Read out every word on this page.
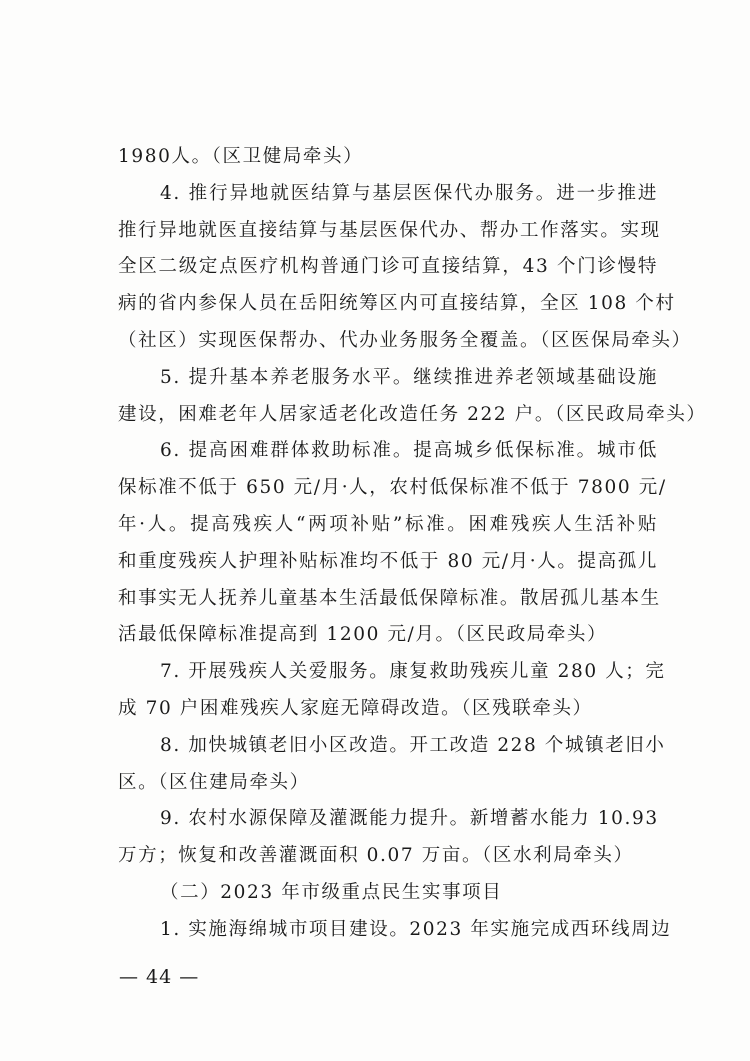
1980人。（区卫健局牵头）
4. 推行异地就医结算与基层医保代办服务。进一步推进
推行异地就医直接结算与基层医保代办、帮办工作落实。实现
全区二级定点医疗机构普通门诊可直接结算，43 个门诊慢特
病的省内参保人员在岳阳统筹区内可直接结算，全区 108 个村
（社区）实现医保帮办、代办业务服务全覆盖。（区医保局牵头）
5. 提升基本养老服务水平。继续推进养老领域基础设施
建设，困难老年人居家适老化改造任务 222 户。（区民政局牵头）
6. 提高困难群体救助标准。提高城乡低保标准。城市低
保标准不低于 650 元/月·人，农村低保标准不低于 7800 元/
年·人。提高残疾人“两项补贴”标准。困难残疾人生活补贴
和重度残疾人护理补贴标准均不低于 80 元/月·人。提高孤儿
和事实无人抚养儿童基本生活最低保障标准。散居孤儿基本生
活最低保障标准提高到 1200 元/月。（区民政局牵头）
7. 开展残疾人关爱服务。康复救助残疾儿童 280 人；完
成 70 户困难残疾人家庭无障碍改造。（区残联牵头）
8. 加快城镇老旧小区改造。开工改造 228 个城镇老旧小
区。（区住建局牵头）
9. 农村水源保障及灌溉能力提升。新增蓄水能力 10.93
万方；恢复和改善灌溉面积 0.07 万亩。（区水利局牵头）
（二）2023 年市级重点民生实事项目
1. 实施海绵城市项目建设。2023 年实施完成西环线周边
— 44 —
